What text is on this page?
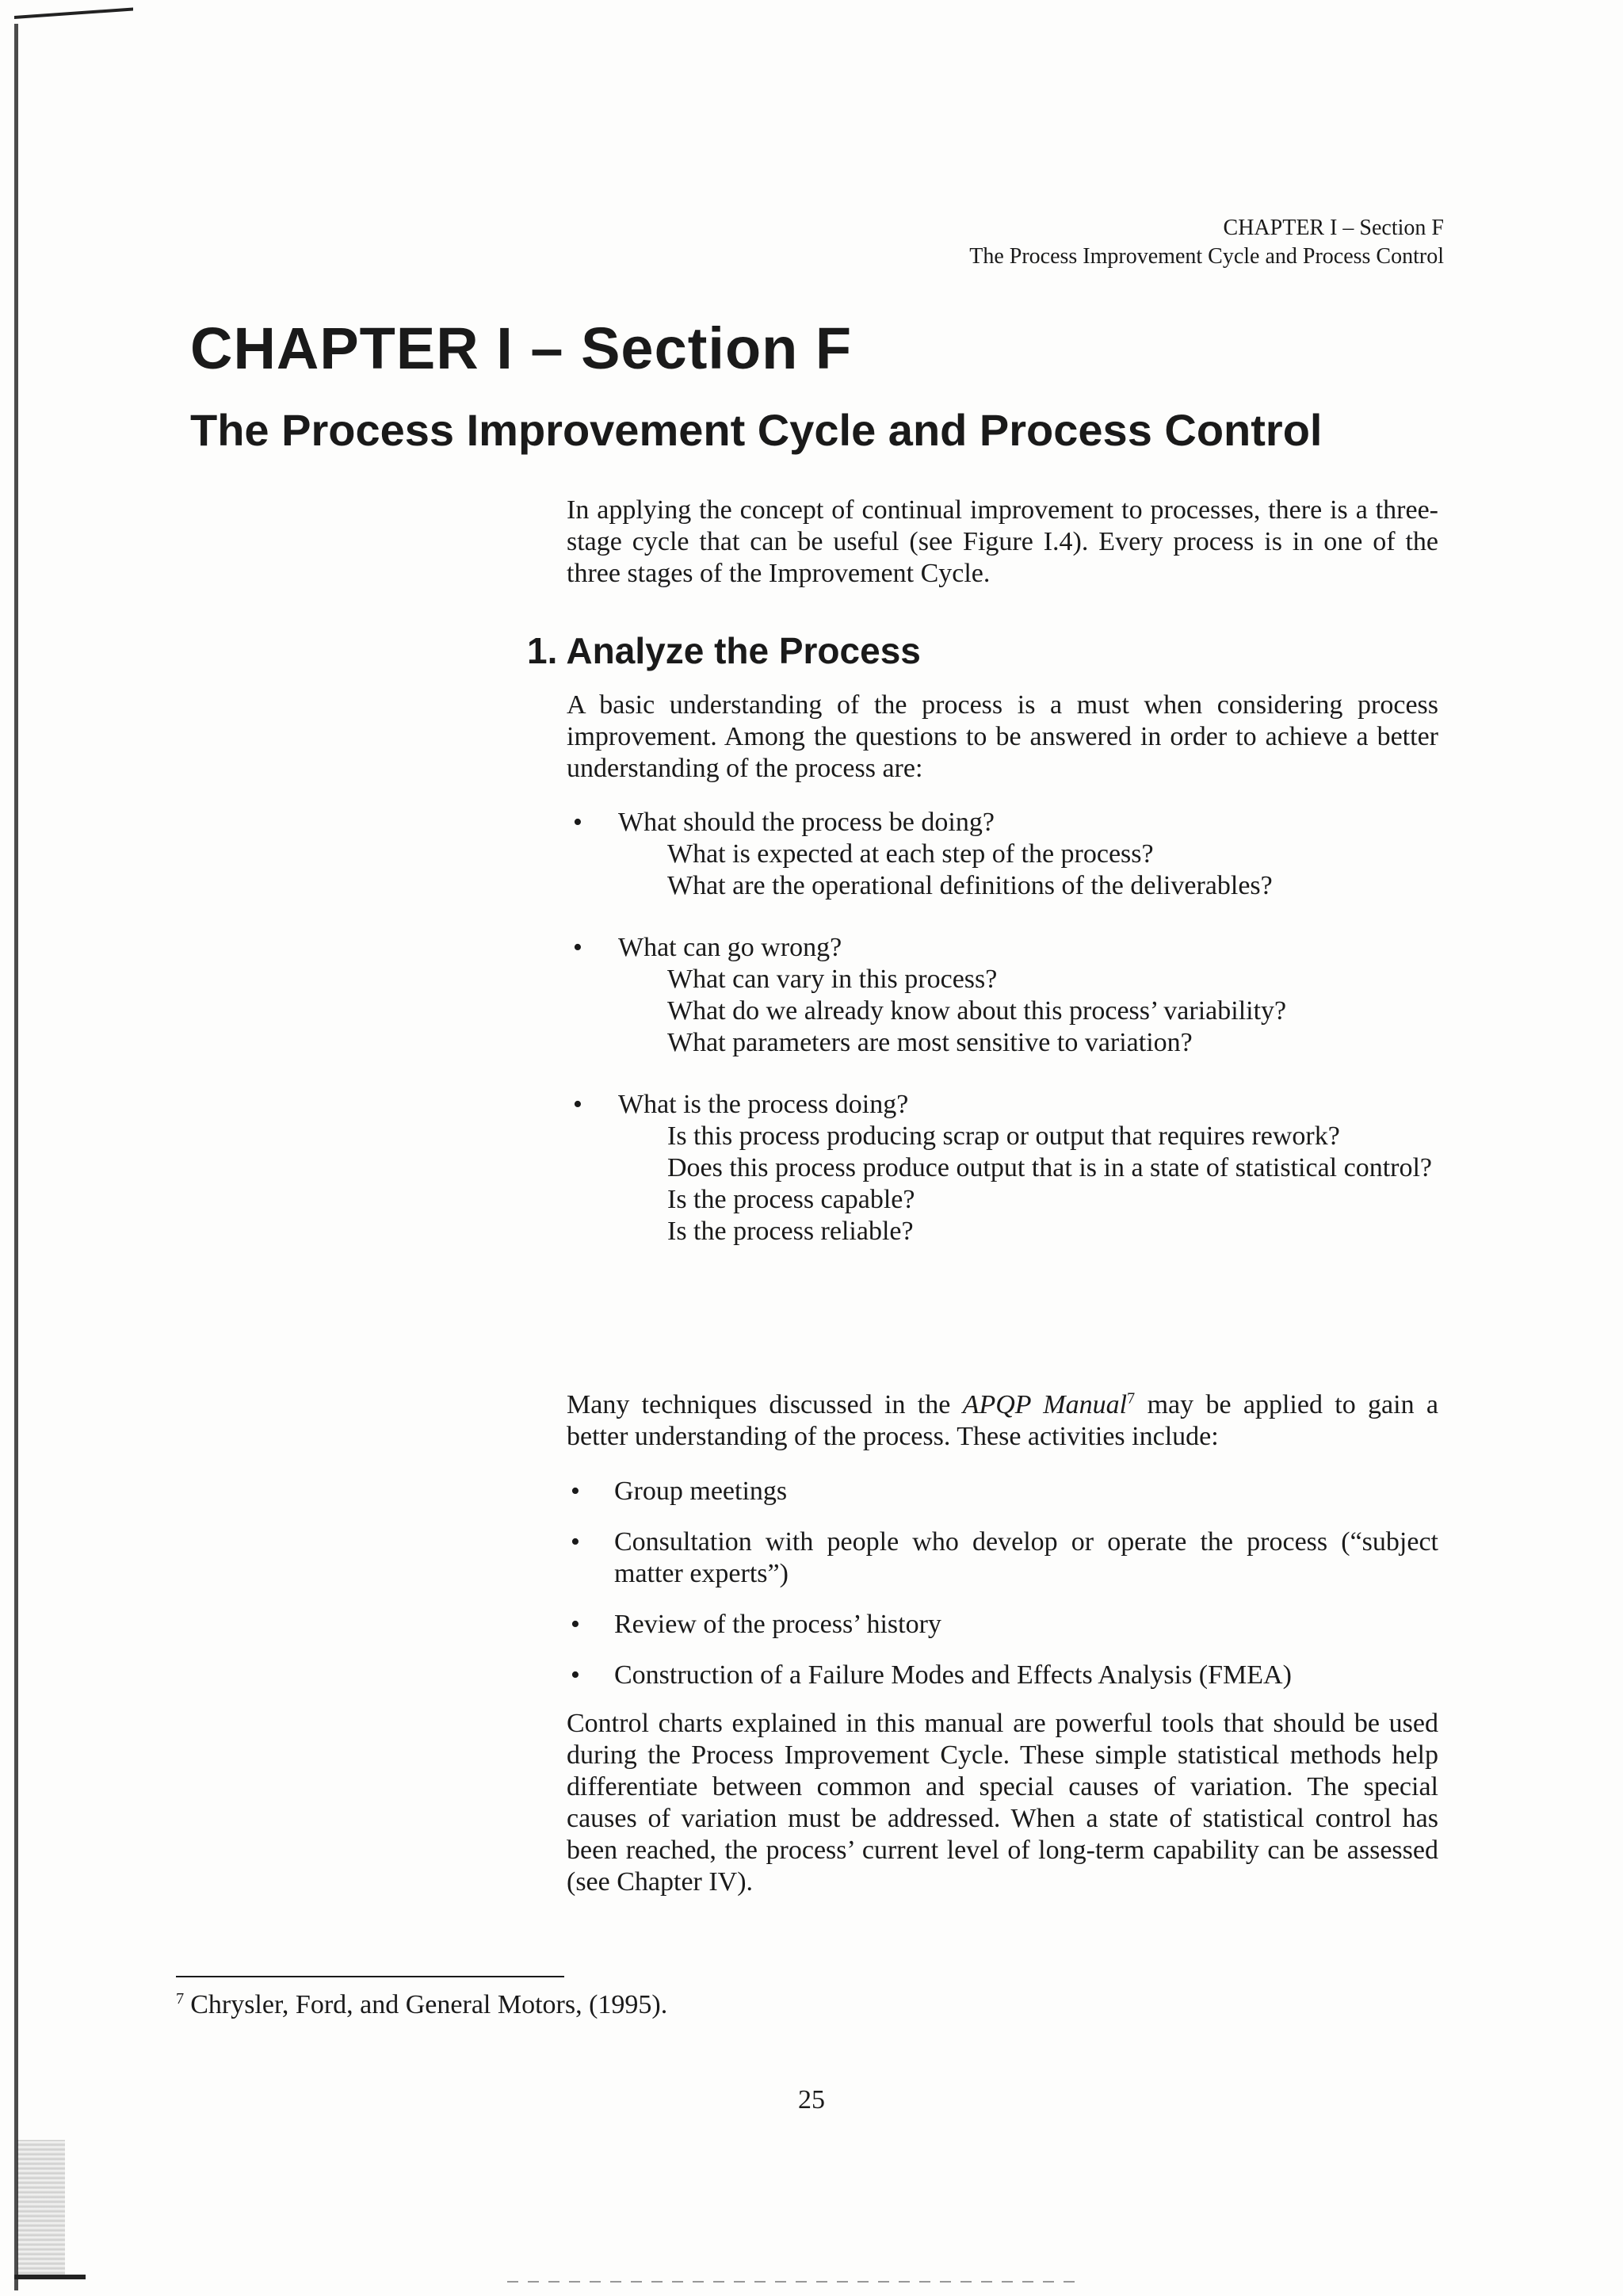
CHAPTER I – Section F
The Process Improvement Cycle and Process Control
CHAPTER I – Section F
The Process Improvement Cycle and Process Control

In applying the concept of continual improvement to processes, there is a three-stage cycle that can be useful (see Figure I.4). Every process is in one of the three stages of the Improvement Cycle.

1. Analyze the Process

A basic understanding of the process is a must when considering process improvement. Among the questions to be answered in order to achieve a better understanding of the process are:

• What should the process be doing?
What is expected at each step of the process?
What are the operational definitions of the deliverables?
• What can go wrong?
What can vary in this process?
What do we already know about this process’ variability?
What parameters are most sensitive to variation?
• What is the process doing?
Is this process producing scrap or output that requires rework?
Does this process produce output that is in a state of statistical control?
Is the process capable?
Is the process reliable?

Many techniques discussed in the APQP Manual$^7$ may be applied to gain a better understanding of the process. These activities include:

• Group meetings
• Consultation with people who develop or operate the process (“subject matter experts”)
• Review of the process’ history
• Construction of a Failure Modes and Effects Analysis (FMEA)

Control charts explained in this manual are powerful tools that should be used during the Process Improvement Cycle. These simple statistical methods help differentiate between common and special causes of variation. The special causes of variation must be addressed. When a state of statistical control has been reached, the process’ current level of long-term capability can be assessed (see Chapter IV).

$^7$ Chrysler, Ford, and General Motors, (1995).
25
